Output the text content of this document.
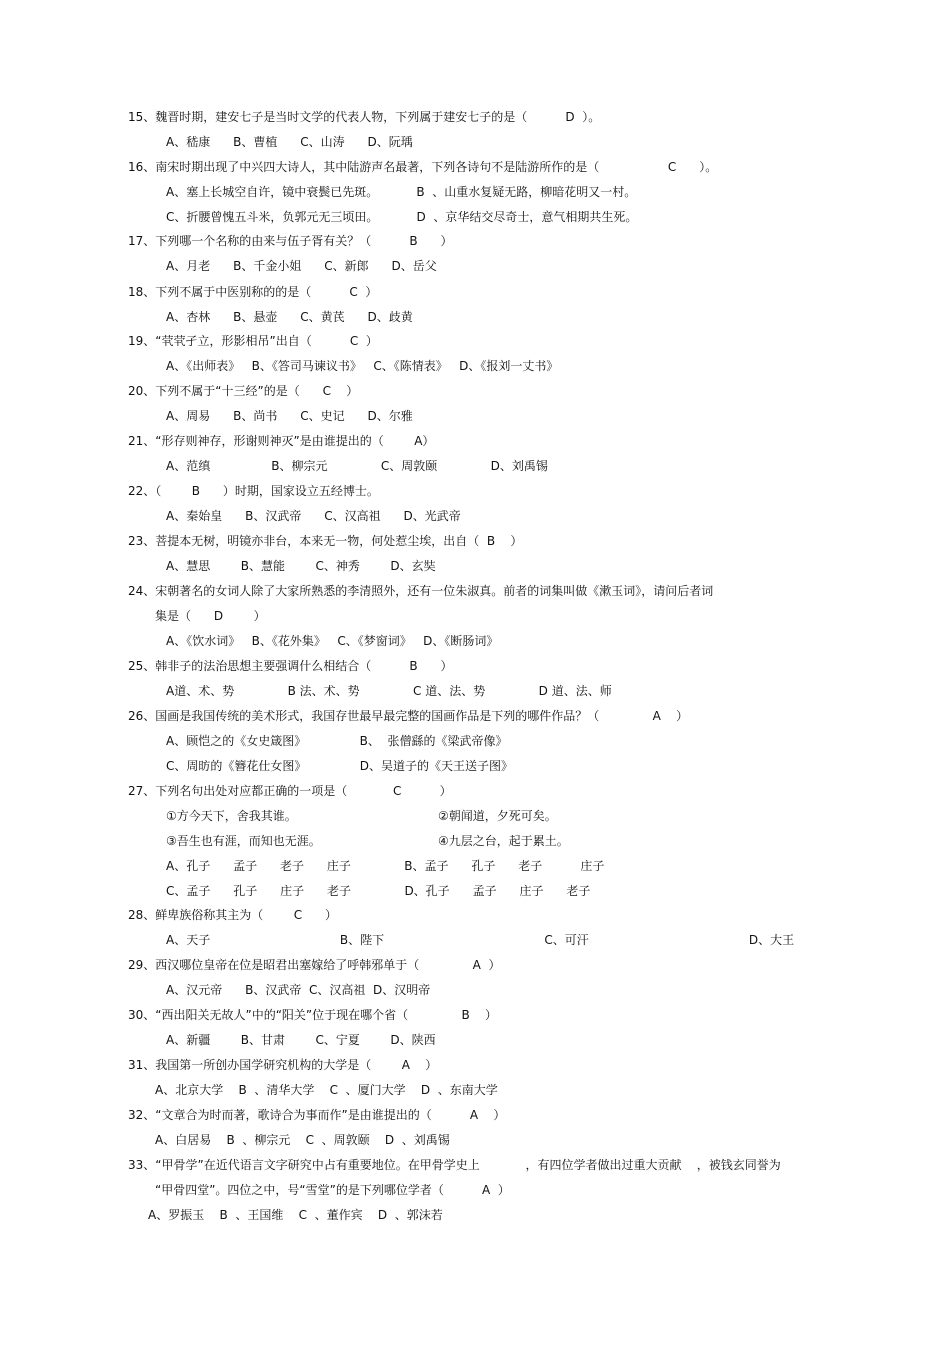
15、魏晋时期，建安七子是当时文学的代表人物，下列属于建安七子的是（          D  ）。
A、嵇康      B、曹植      C、山涛      D、阮瑀
16、南宋时期出现了中兴四大诗人，其中陆游声名最著，下列各诗句不是陆游所作的是（                  C      ）。
A、塞上长城空自许，镜中衰鬓已先斑。          B  、山重水复疑无路，柳暗花明又一村。
C、折腰曾愧五斗米，负郭元无三顷田。          D  、京华结交尽奇士，意气相期共生死。
17、下列哪一个名称的由来与伍子胥有关？（          B      ）
A、月老      B、千金小姐      C、新郎      D、岳父
18、下列不属于中医别称的的是（          C  ）
A、杏林      B、悬壶      C、黄芪      D、歧黄
19、“茕茕孑立，形影相吊”出自（          C  ）
A、《出师表》   B、《答司马谏议书》   C、《陈情表》   D、《报刘一丈书》
20、下列不属于“十三经”的是（      C    ）
A、周易      B、尚书      C、史记      D、尔雅
21、“形存则神存，形谢则神灭”是由谁提出的（        A）
A、范缜                B、柳宗元              C、周敦颐              D、刘禹锡
22、（        B      ）时期，国家设立五经博士。
A、秦始皇      B、汉武帝      C、汉高祖      D、光武帝
23、菩提本无树，明镜亦非台，本来无一物，何处惹尘埃，出自（  B    ）
A、慧思        B、慧能        C、神秀        D、玄奘
24、宋朝著名的女词人除了大家所熟悉的李清照外，还有一位朱淑真。前者的词集叫做《漱玉词》，请问后者词
集是（      D        ）
A、《饮水词》   B、《花外集》   C、《梦窗词》   D、《断肠词》
25、韩非子的法治思想主要强调什么相结合（          B      ）
A道、术、势              B 法、术、势              C 道、法、势              D 道、法、师
26、国画是我国传统的美术形式，我国存世最早最完整的国画作品是下列的哪件作品？（              A    ）
A、顾恺之的《女史箴图》              B、  张僧繇的《梁武帝像》
C、周昉的《簪花仕女图》              D、吴道子的《天王送子图》
27、下列名句出处对应都正确的一项是（            C          ）
①方今天下，舍我其谁。	②朝闻道，夕死可矣。
③吾生也有涯，而知也无涯。	④九层之台，起于累土。
A、孔子      孟子      老子      庄子              B、孟子      孔子      老子          庄子
C、孟子      孔子      庄子      老子              D、孔子      孟子      庄子      老子
28、鲜卑族俗称其主为（        C      ）
A、天子                                  B、陛下                                          C、可汗                                          D、大王
29、西汉哪位皇帝在位是昭君出塞嫁给了呼韩邪单于（              A  ）
A、汉元帝      B、汉武帝  C、汉高祖  D、汉明帝
30、“西出阳关无故人”中的“阳关”位于现在哪个省（              B    ）
A、新疆        B、甘肃        C、宁夏        D、陕西
31、我国第一所创办国学研究机构的大学是（        A    ）
A、北京大学    B  、清华大学    C  、厦门大学    D  、东南大学
32、“文章合为时而著，歌诗合为事而作”是由谁提出的（          A    ）
A、白居易    B  、柳宗元    C  、周敦颐    D  、刘禹锡
33、“甲骨学”在近代语言文字研究中占有重要地位。在甲骨学史上            ，有四位学者做出过重大贡献    ，被钱玄同誉为
“甲骨四堂”。四位之中，号“雪堂”的是下列哪位学者（          A  ）
A、罗振玉    B  、王国维    C  、董作宾    D  、郭沫若
